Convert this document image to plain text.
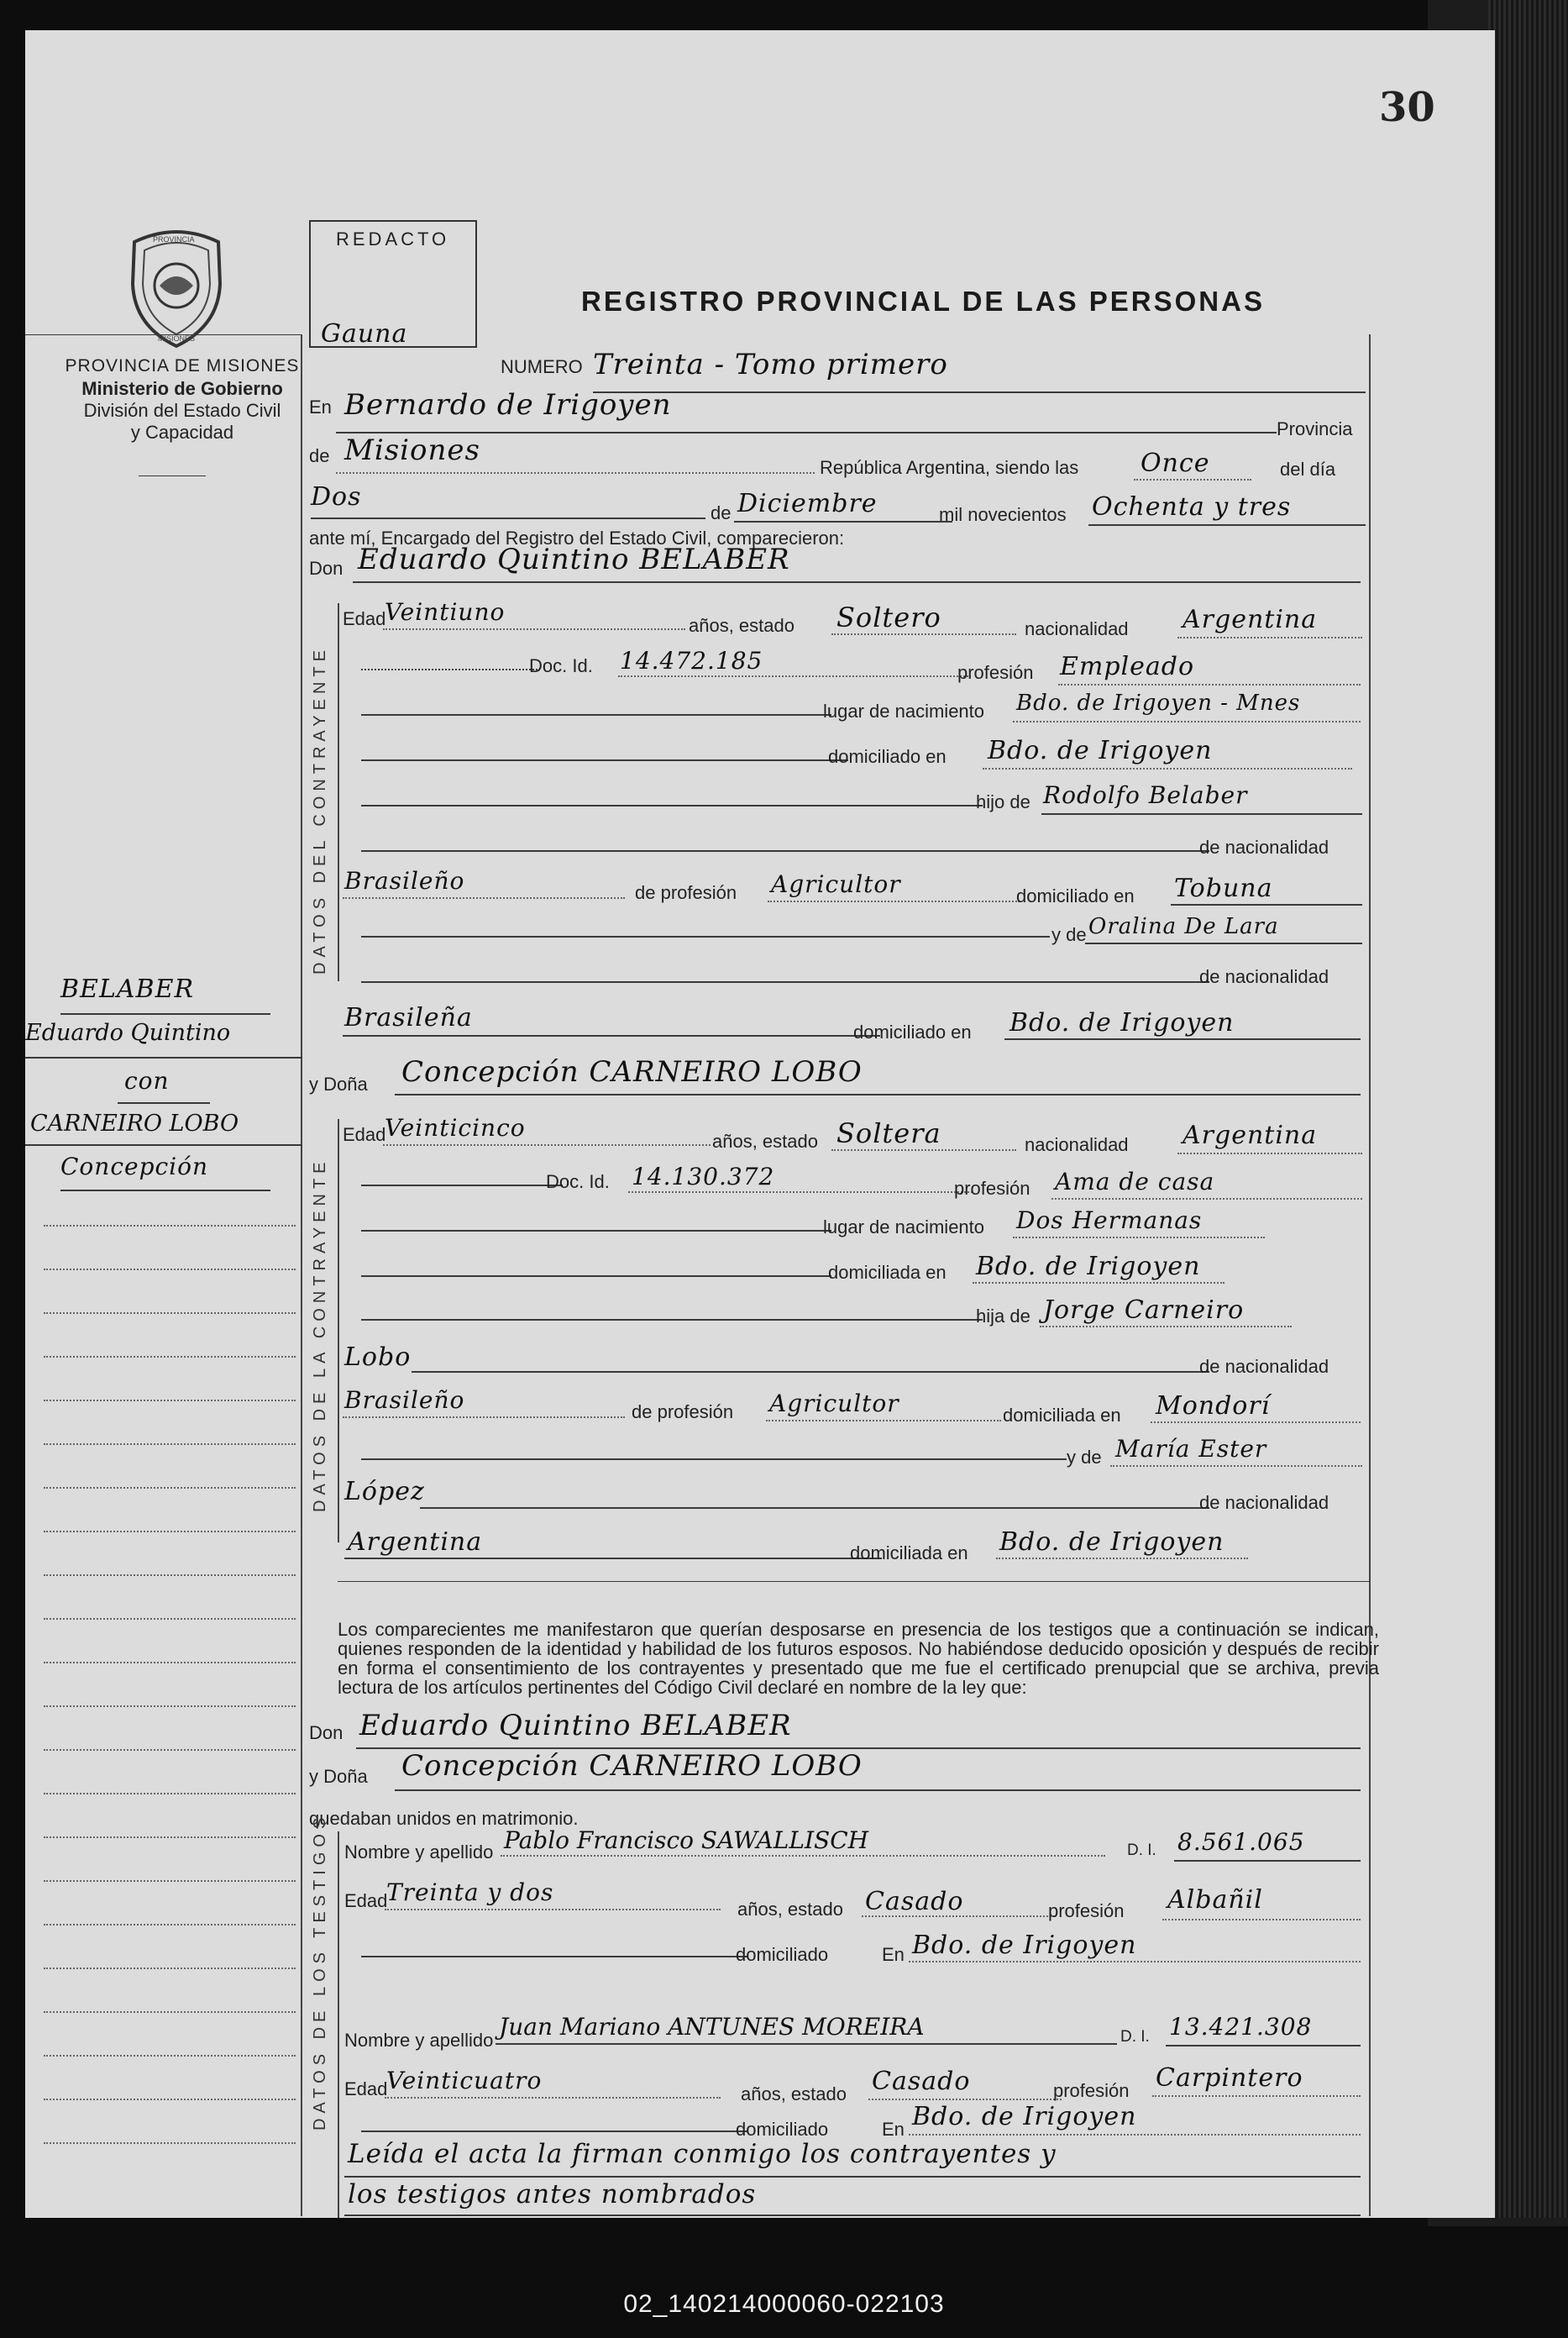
30
PROVINCIA
MISIONES
PROVINCIA DE MISIONES
Ministerio de Gobierno
División del Estado Civil
y Capacidad
REDACTO
Gauna
REGISTRO PROVINCIAL DE LAS PERSONAS
NUMERO Treinta - Tomo primero
En Bernardo de Irigoyen
Provincia
de Misiones
República Argentina, siendo las Once	del día
Dos
de Diciembre	mil novecientos Ochenta y tres
ante mí, Encargado del Registro del Estado Civil, comparecieron:
Don Eduardo Quintino BELABER
DATOS DEL CONTRAYENTE
Edad
Veintiuno	años, estado Soltero	nacionalidad Argentina
Doc. Id. 14.472.185	profesión Empleado
lugar de nacimiento Bdo. de Irigoyen - Mnes
domiciliado en Bdo. de Irigoyen
hijo de Rodolfo Belaber
de nacionalidad
Brasileño	de profesión Agricultor	domiciliado en Tobuna
y de Oralina De Lara
de nacionalidad
Brasileña	domiciliado en Bdo. de Irigoyen
BELABER
Eduardo Quintino
con
CARNEIRO LOBO
Concepción
y Doña Concepción CARNEIRO LOBO
DATOS DE LA CONTRAYENTE
Edad
Veinticinco	años, estado Soltera	nacionalidad Argentina
Doc. Id. 14.130.372	profesión Ama de casa
lugar de nacimiento Dos Hermanas
domiciliada en Bdo. de Irigoyen
hija de Jorge Carneiro
Lobo	de nacionalidad
Brasileño	de profesión Agricultor	domiciliada en Mondorí
y de María Ester
López	de nacionalidad
Argentina	domiciliada en Bdo. de Irigoyen
Los comparecientes me manifestaron que querían desposarse en presencia de los testigos que a continuación se indican, quienes responden de la identidad y habilidad de los futuros esposos. No habiéndose deducido oposición y después de recibir en forma el consentimiento de los contrayentes y presentado que me fue el certificado prenupcial que se archiva, previa lectura de los artículos pertinentes del Código Civil declaré en nombre de la ley que:
Don Eduardo Quintino BELABER
y Doña Concepción CARNEIRO LOBO
quedaban unidos en matrimonio.
DATOS DE LOS TESTIGOS Nombre y apellido Pablo Francisco SAWALLISCH	D. I. 8.561.065
Edad
Treinta y dos
años, estado Casado	profesión Albañil
domiciliado	En Bdo. de Irigoyen
Nombre y apellido Juan Mariano ANTUNES MOREIRA	D. I. 13.421.308
Edad
Veinticuatro	años, estado Casado	profesión Carpintero
domiciliado	En Bdo. de Irigoyen
Leída el acta la firman conmigo los contrayentes y
los testigos antes nombrados
02_140214000060-022103
